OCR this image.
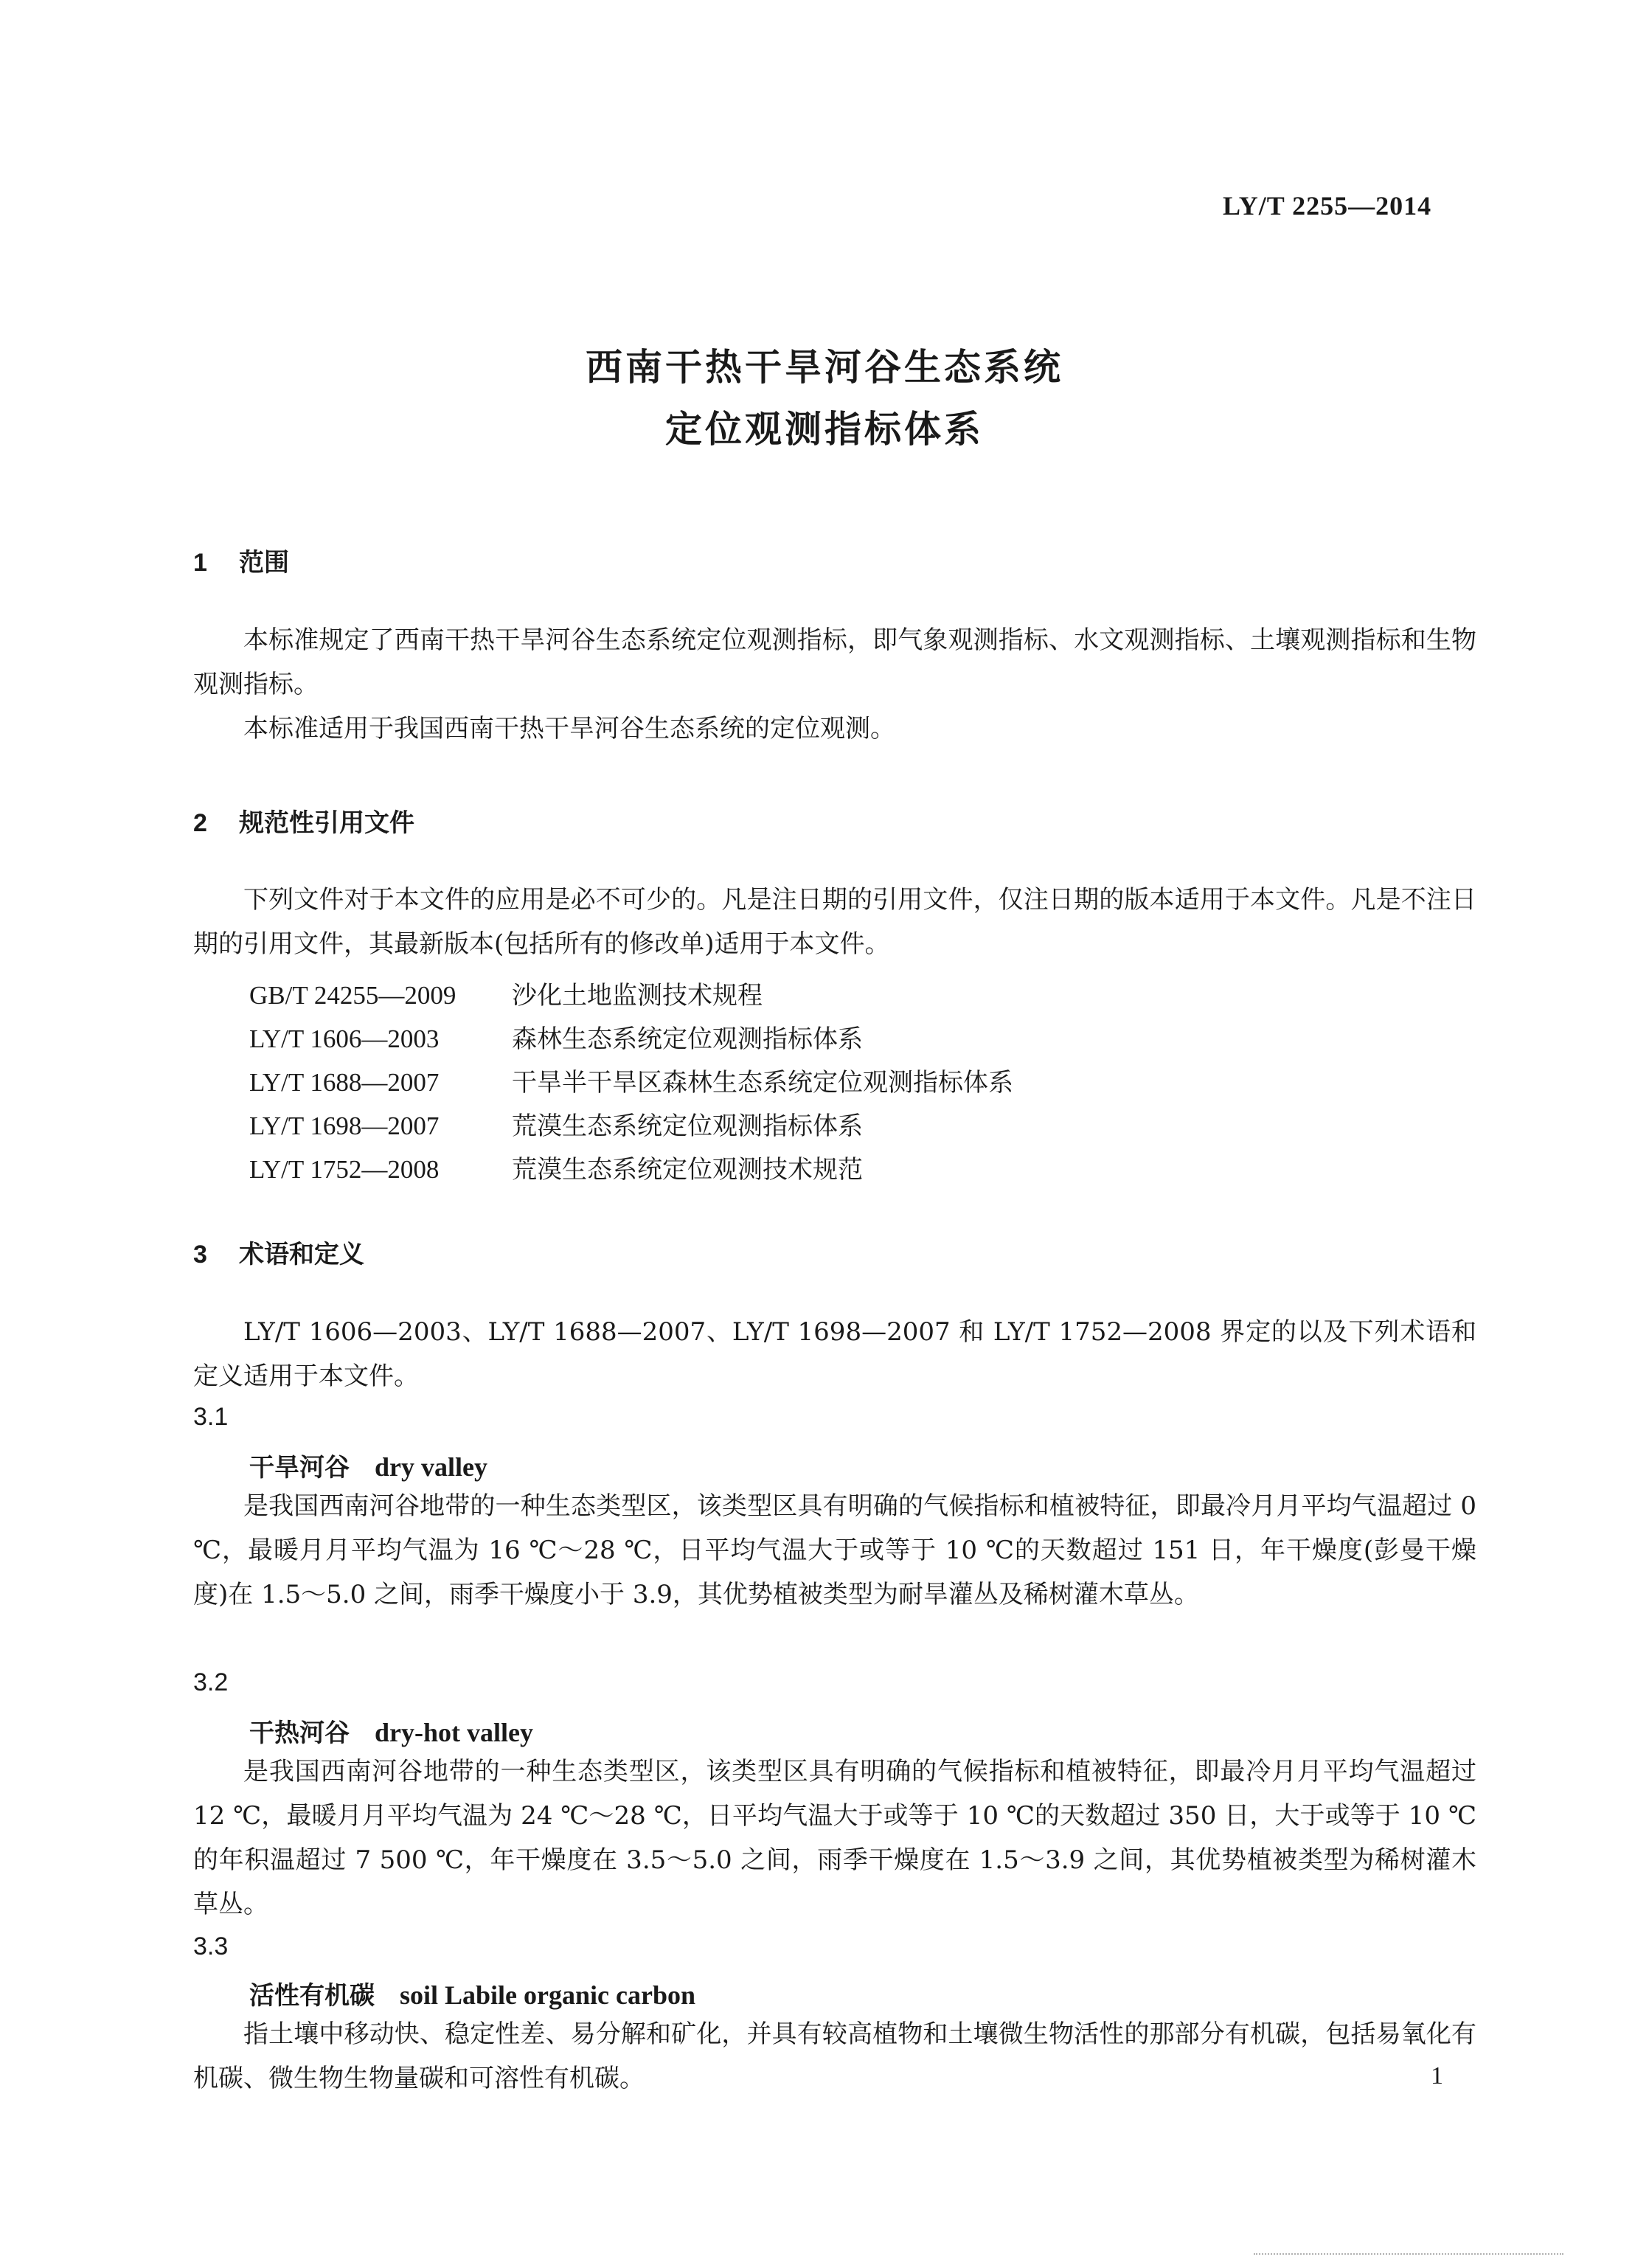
LY/T 2255—2014
西南干热干旱河谷生态系统
定位观测指标体系
1 范围
本标准规定了西南干热干旱河谷生态系统定位观测指标，即气象观测指标、水文观测指标、土壤观测指标和生物观测指标。
本标准适用于我国西南干热干旱河谷生态系统的定位观测。
2 规范性引用文件
下列文件对于本文件的应用是必不可少的。凡是注日期的引用文件，仅注日期的版本适用于本文件。凡是不注日期的引用文件，其最新版本(包括所有的修改单)适用于本文件。
GB/T 24255—2009 沙化土地监测技术规程
LY/T 1606—2003	森林生态系统定位观测指标体系
LY/T 1688—2007	干旱半干旱区森林生态系统定位观测指标体系
LY/T 1698—2007	荒漠生态系统定位观测指标体系
LY/T 1752—2008	荒漠生态系统定位观测技术规范
3 术语和定义
LY/T 1606—2003、LY/T 1688—2007、LY/T 1698—2007 和 LY/T 1752—2008 界定的以及下列术语和定义适用于本文件。
3.1
干旱河谷 dry valley
是我国西南河谷地带的一种生态类型区，该类型区具有明确的气候指标和植被特征，即最冷月月平均气温超过 0 ℃，最暖月月平均气温为 16 ℃～28 ℃，日平均气温大于或等于 10 ℃的天数超过 151 日，年干燥度(彭曼干燥度)在 1.5～5.0 之间，雨季干燥度小于 3.9，其优势植被类型为耐旱灌丛及稀树灌木草丛。
3.2
干热河谷 dry-hot valley
是我国西南河谷地带的一种生态类型区，该类型区具有明确的气候指标和植被特征，即最冷月月平均气温超过 12 ℃，最暖月月平均气温为 24 ℃～28 ℃，日平均气温大于或等于 10 ℃的天数超过 350 日，大于或等于 10 ℃的年积温超过 7 500 ℃，年干燥度在 3.5～5.0 之间，雨季干燥度在 1.5～3.9 之间，其优势植被类型为稀树灌木草丛。
3.3
活性有机碳 soil Labile organic carbon
指土壤中移动快、稳定性差、易分解和矿化，并具有较高植物和土壤微生物活性的那部分有机碳，包括易氧化有机碳、微生物生物量碳和可溶性有机碳。	1
